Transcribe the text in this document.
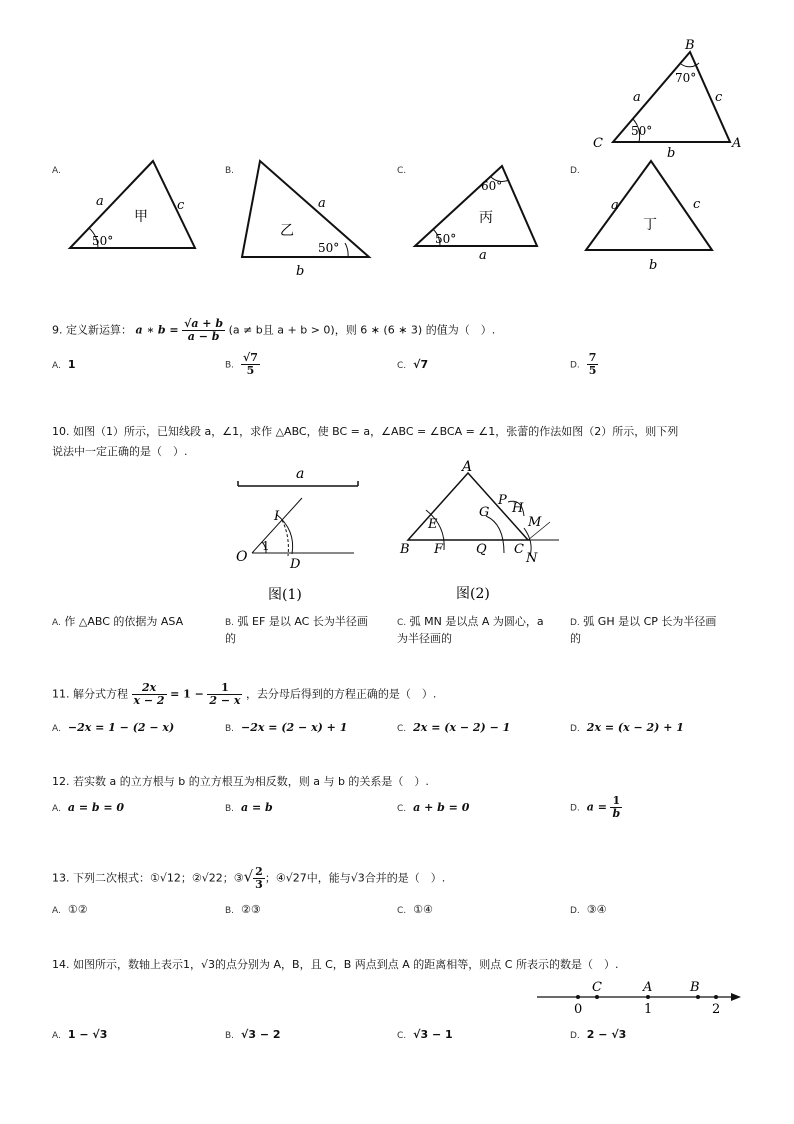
B
C	A
a	c
b
70°
50°
A.
a	c
50°
甲
B.
a
b
50°
乙
C.
a
60°
50°
丙
D.
a	c
b
丁
9. 定义新运算： a ∗ $b = \frac{√a + b}{a - b} (a \ne b$且 a + b > 0)，则 6 ∗ (6 ∗ 3) 的值为（　）.
A. 1	B. $\frac{√7}{5}$	C. √7	D. $\frac{7}{5}$
10. 如图（1）所示，已知线段 a，∠1，求作 △ABC，使 BC = a，∠ABC = ∠BCA = ∠1，张蕾的作法如图（2）所示，则下列
说法中一定正确的是（　）.
a
O
1
I
D
图(1)
A
B
E
F
G
P
H
M
Q C
N
图(2)
A. 作 △ABC 的依据为 ASA	B. 弧 EF 是以 AC 长为半径画
的
C. 弧 MN 是以点 A 为圆心，a
为半径画的
D. 弧 GH 是以 CP 长为半径画
的
11. 解分式方程 $\frac{2x}{x - 2} = 1 - \frac{1}{2 - x}$ ，去分母后得到的方程正确的是（　）.
A. −2x = 1 − (2 − x)	B. −2x = (2 − x) + 1	C. 2x = (x − 2) − 1	D. 2x = (x − 2) + 1
12. 若实数 a 的立方根与 b 的立方根互为相反数，则 a 与 b 的关系是（　）.
A. a = b = 0	B. a = b	C. a + b = 0	D. $a = \frac{1}{b}$
13. 下列二次根式：①√12；②√22；③√ $\frac{2}{3}$ ；④√27中，能与√3合并的是（　）.
A. ①②	B. ②③	C. ①④	D. ③④
14. 如图所示，数轴上表示1，√3的点分别为 A，B，且 C，B 两点到点 A 的距离相等，则点 C 所表示的数是（　）.
C	A	B
0	1	2
A. 1 − √3	B. √3 − 2	C. √3 − 1	D. 2 − √3
